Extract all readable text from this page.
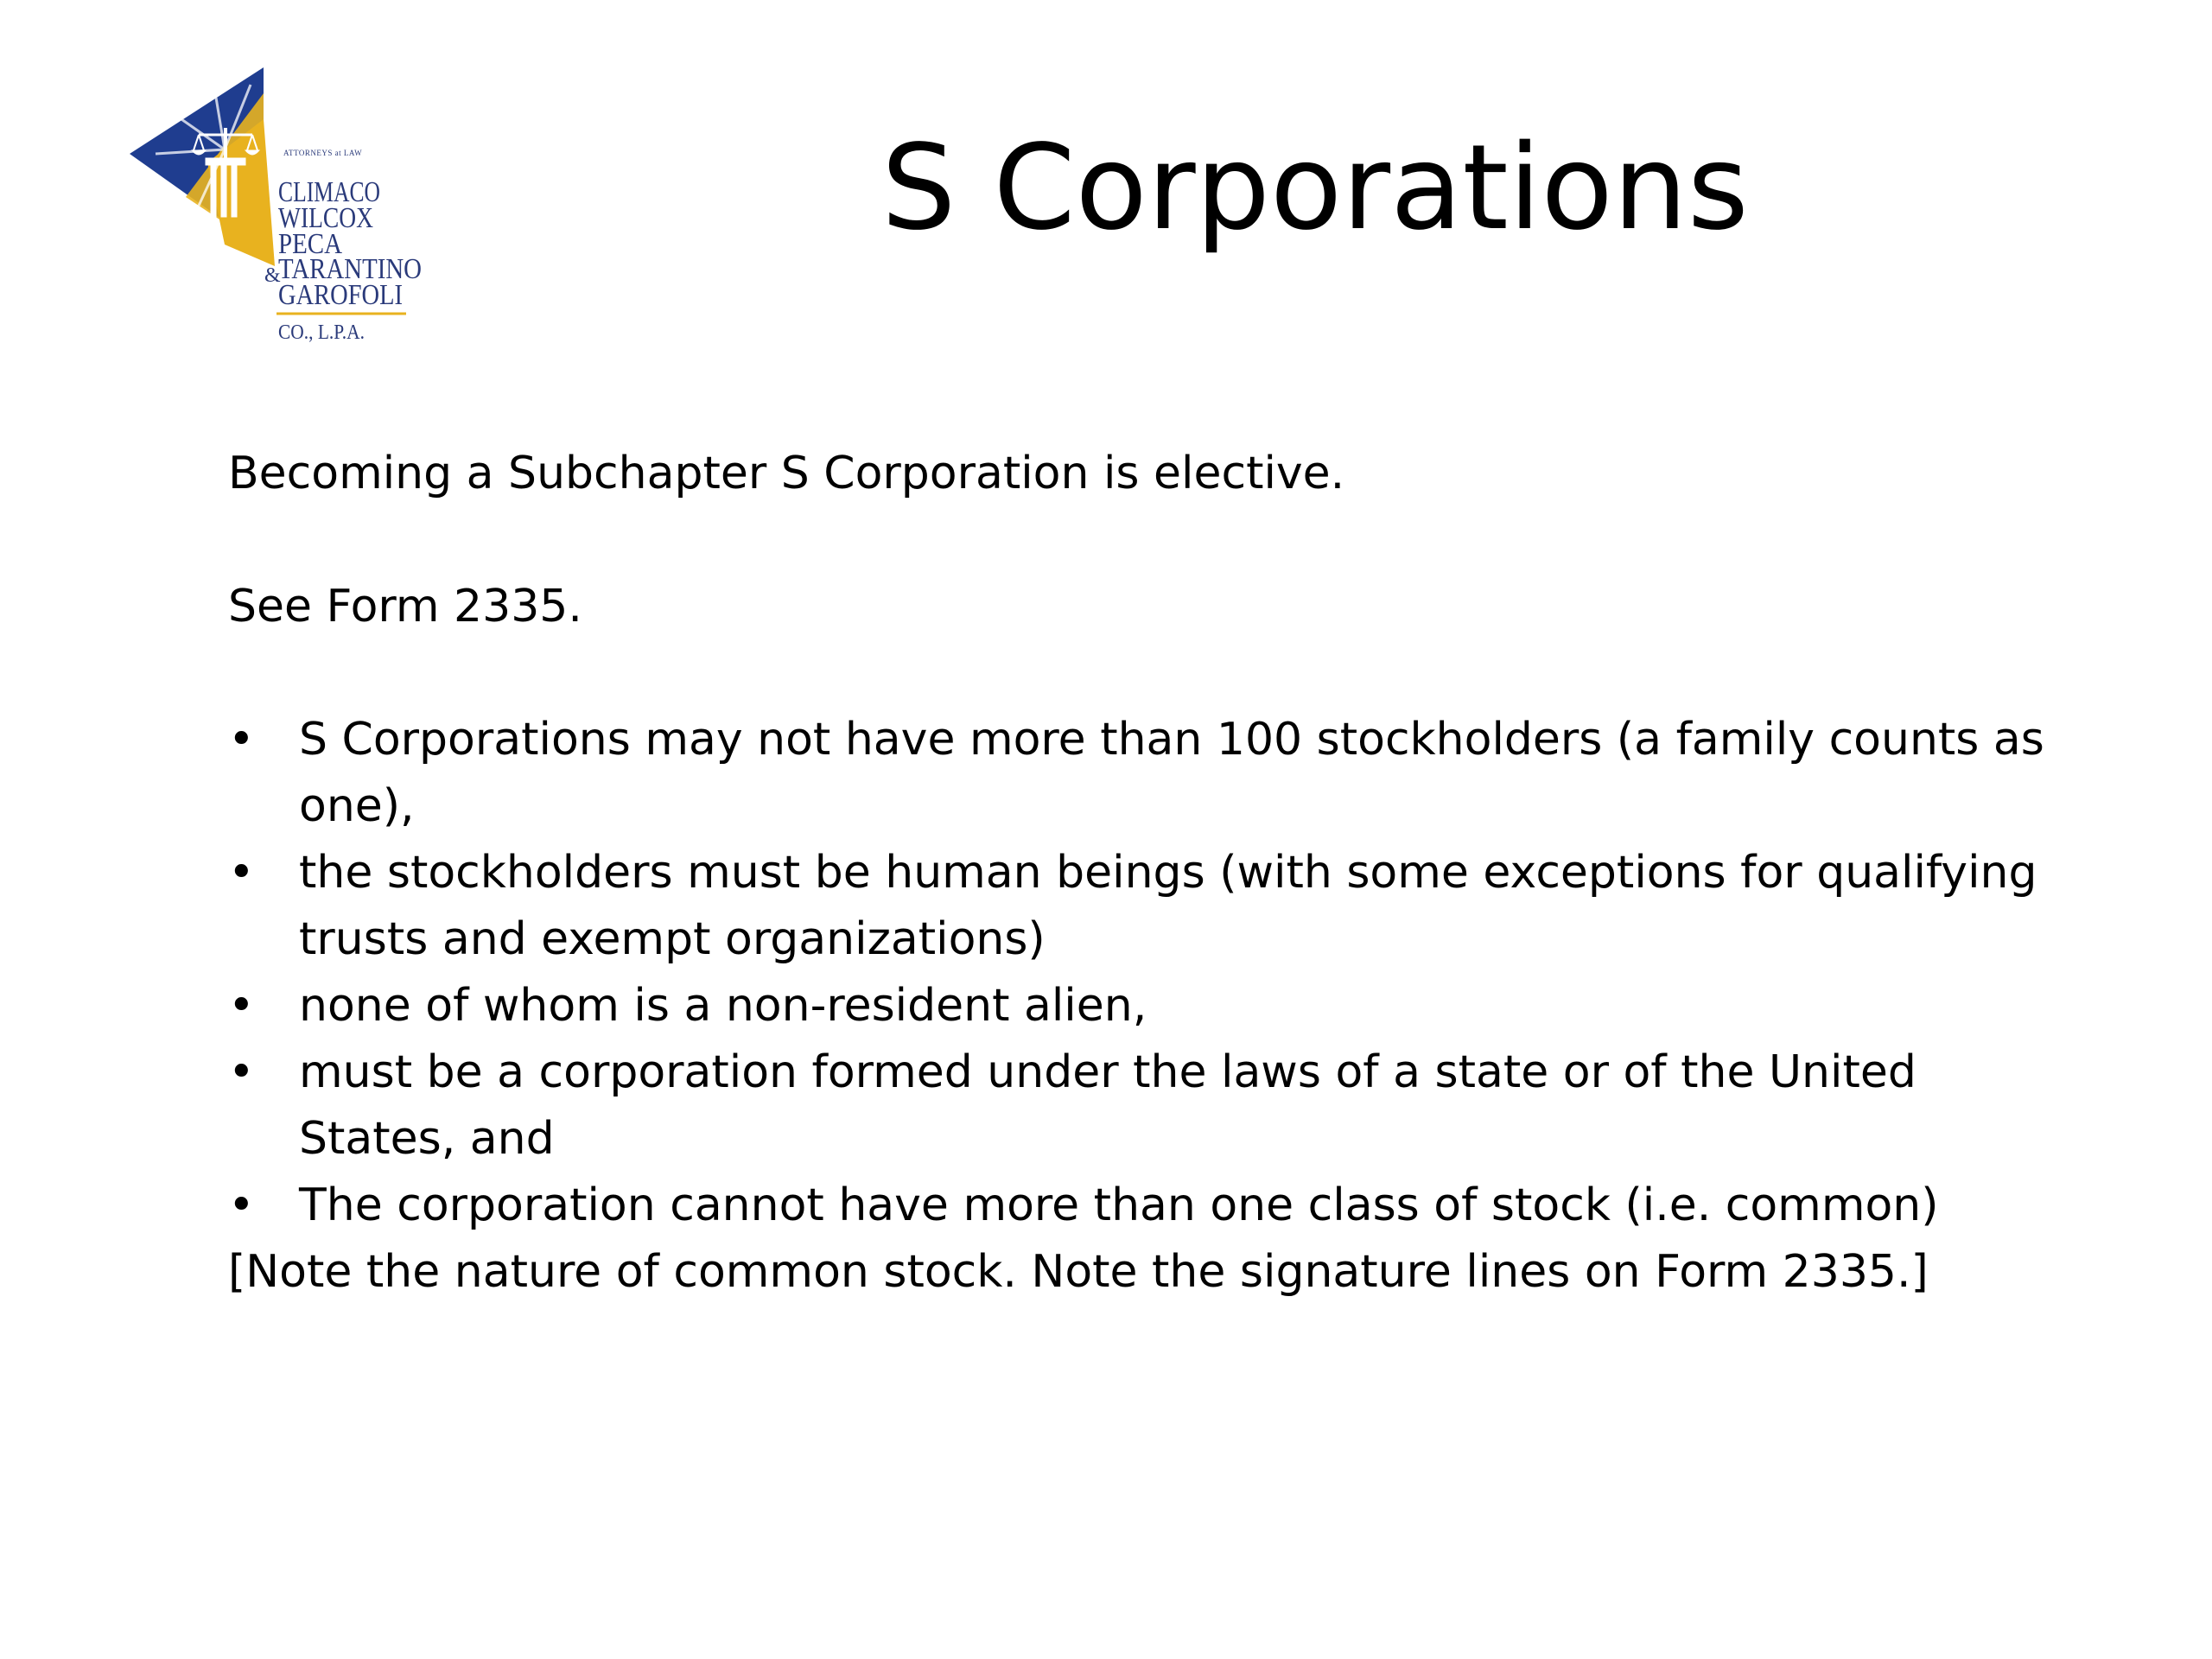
ATTORNEYS at LAW
CLIMACO
WILCOX
PECA
&
TARANTINO
GAROFOLI
CO., L.P.A.
S Corporations

Becoming a Subchapter S Corporation is elective.

See Form 2335.

• S Corporations may not have more than 100 stockholders (a family counts as
one),
• the stockholders must be human beings (with some exceptions for qualifying
trusts and exempt organizations)
• none of whom is a non-resident alien,
• must be a corporation formed under the laws of a state or of the United
States, and
• The corporation cannot have more than one class of stock (i.e. common)

[Note the nature of common stock. Note the signature lines on Form 2335.]
